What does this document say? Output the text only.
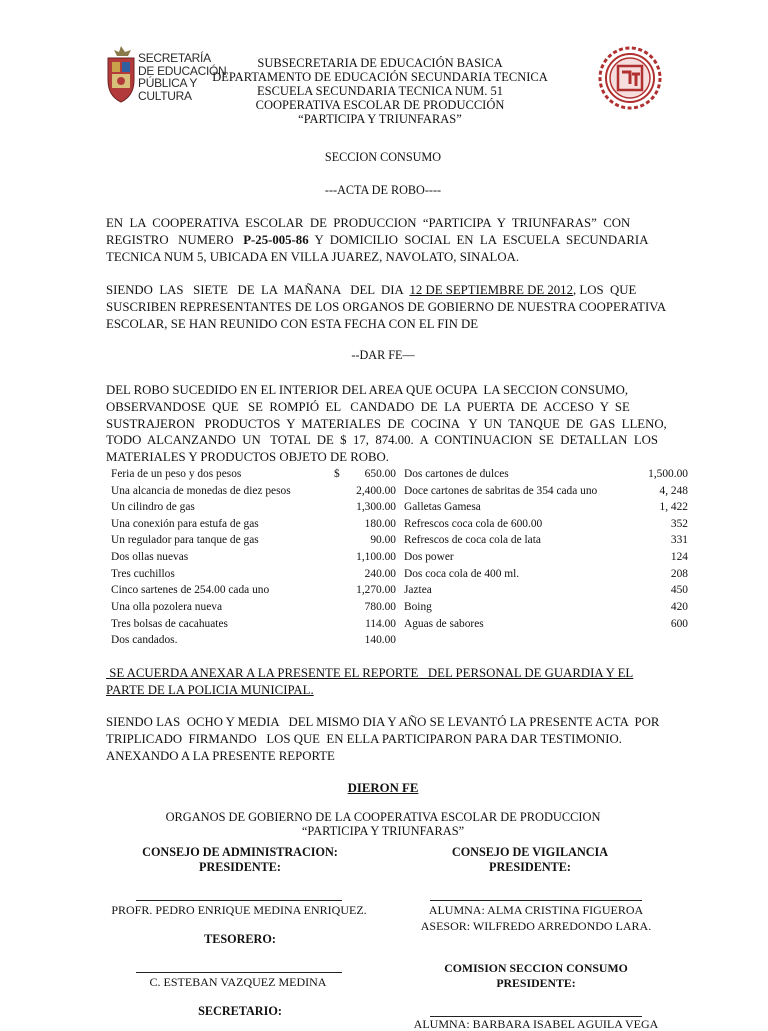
SECRETARÍA
DE EDUCACIÓN
PÚBLICA Y CULTURA
SUBSECRETARIA DE EDUCACIÓN BASICA
DEPARTAMENTO DE EDUCACIÓN SECUNDARIA TECNICA
ESCUELA SECUNDARIA TECNICA NUM. 51
COOPERATIVA ESCOLAR DE PRODUCCIÓN
“PARTICIPA Y TRIUNFARAS”
SECCION CONSUMO
---ACTA DE ROBO----
EN  LA  COOPERATIVA  ESCOLAR  DE  PRODUCCION  “PARTICIPA  Y  TRIUNFARAS”  CON
REGISTRO   NUMERO   P-25-005-86  Y  DOMICILIO  SOCIAL  EN  LA  ESCUELA  SECUNDARIA
TECNICA NUM 5, UBICADA EN VILLA JUAREZ, NAVOLATO, SINALOA.
SIENDO  LAS   SIETE   DE  LA  MAÑANA   DEL  DIA  12 DE SEPTIEMBRE DE 2012, LOS  QUE
SUSCRIBEN REPRESENTANTES DE LOS ORGANOS DE GOBIERNO DE NUESTRA COOPERATIVA
ESCOLAR, SE HAN REUNIDO CON ESTA FECHA CON EL FIN DE
--DAR FE—
DEL ROBO SUCEDIDO EN EL INTERIOR DEL AREA QUE OCUPA  LA SECCION CONSUMO,
OBSERVANDOSE  QUE   SE  ROMPIÓ  EL   CANDADO  DE  LA  PUERTA  DE  ACCESO  Y  SE
SUSTRAJERON   PRODUCTOS  Y  MATERIALES  DE  COCINA   Y  UN  TANQUE  DE  GAS  LLENO,
TODO  ALCANZANDO  UN   TOTAL  DE  $  17,  874.00.  A  CONTINUACION  SE  DETALLAN  LOS
MATERIALES Y PRODUCTOS OBJETO DE ROBO.
Feria de un peso y dos pesos	$	650.00
Una alcancia de monedas de diez pesos	2,400.00
Un cilindro de gas	1,300.00
Una conexión para estufa de gas	180.00
Un regulador para tanque de gas	90.00
Dos ollas nuevas	1,100.00
Tres cuchillos	240.00
Cinco sartenes de 254.00 cada uno	1,270.00
Una olla pozolera nueva	780.00
Tres bolsas de cacahuates	114.00
Dos candados.	140.00
Dos cartones de dulces	1,500.00
Doce cartones de sabritas de 354 cada uno	4, 248
Galletas Gamesa	1, 422
Refrescos coca cola de 600.00	352
Refrescos de coca cola de lata	331
Dos power	124
Dos coca cola de 400 ml.	208
Jaztea	450
Boing	420
Aguas de sabores	600
SE ACUERDA ANEXAR A LA PRESENTE EL REPORTE   DEL PERSONAL DE GUARDIA Y EL
PARTE DE LA POLICIA MUNICIPAL.
SIENDO LAS  OCHO Y MEDIA   DEL MISMO DIA Y AÑO SE LEVANTÓ LA PRESENTE ACTA  POR
TRIPLICADO  FIRMANDO   LOS QUE  EN ELLA PARTICIPARON PARA DAR TESTIMONIO.
ANEXANDO A LA PRESENTE REPORTE
DIERON FE
ORGANOS DE GOBIERNO DE LA COOPERATIVA ESCOLAR DE PRODUCCION
“PARTICIPA Y TRIUNFARAS”
CONSEJO DE ADMINISTRACION:
PRESIDENTE:
PROFR. PEDRO ENRIQUE MEDINA ENRIQUEZ.
TESORERO:
C. ESTEBAN VAZQUEZ MEDINA
SECRETARIO:
CONSEJO DE VIGILANCIA
PRESIDENTE:
ALUMNA: ALMA CRISTINA FIGUEROA
ASESOR: WILFREDO ARREDONDO LARA.
COMISION SECCION CONSUMO
PRESIDENTE:
ALUMNA: BARBARA ISABEL AGUILA VEGA
